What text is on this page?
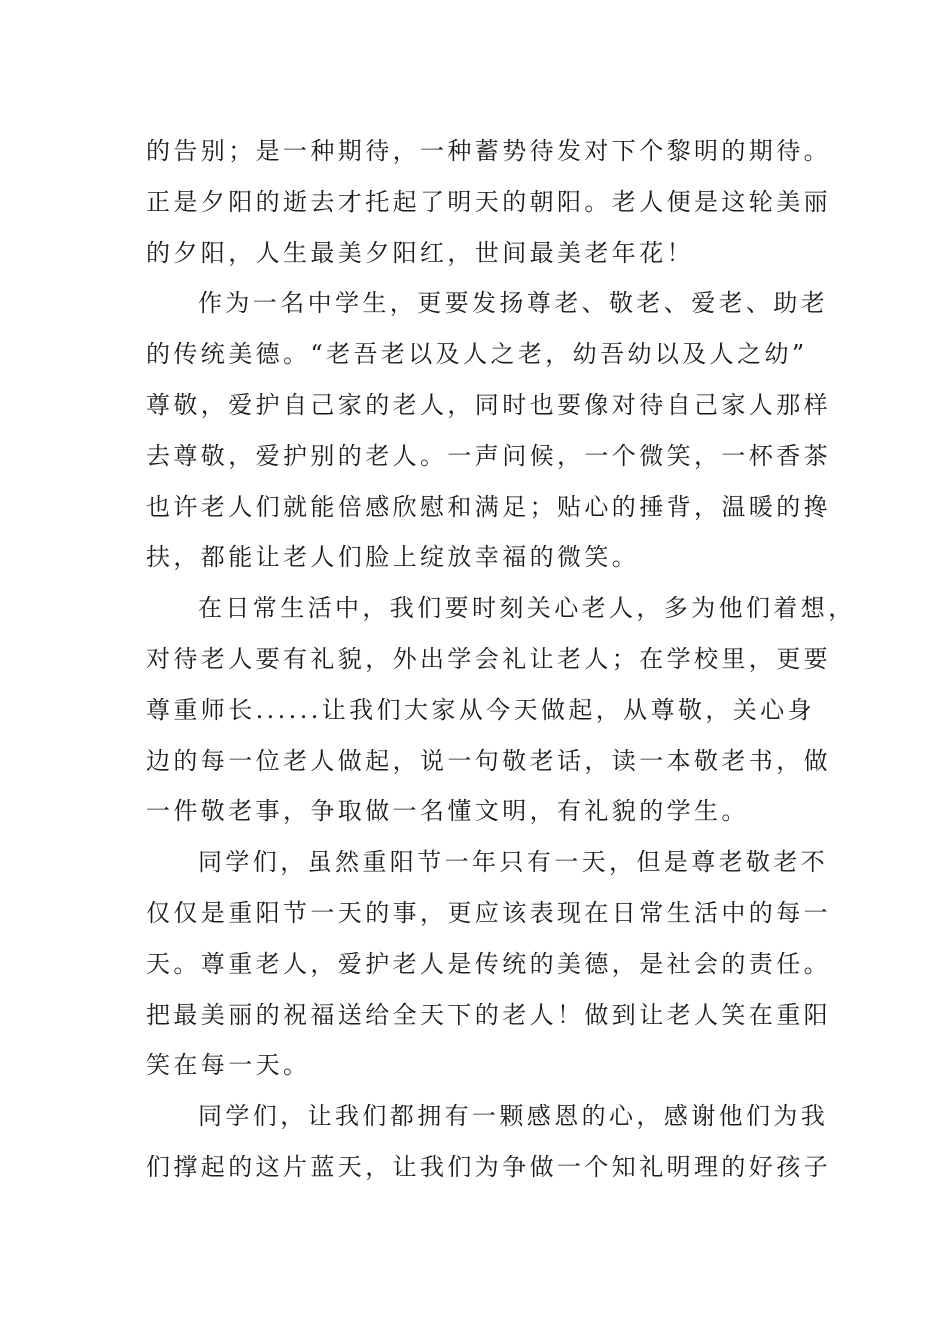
的告别；是一种期待，一种蓄势待发对下个黎明的期待。
正是夕阳的逝去才托起了明天的朝阳。老人便是这轮美丽
的夕阳，人生最美夕阳红，世间最美老年花！
作为一名中学生，更要发扬尊老、敬老、爱老、助老
的传统美德。“老吾老以及人之老，幼吾幼以及人之幼”
尊敬，爱护自己家的老人，同时也要像对待自己家人那样
去尊敬，爱护别的老人。一声问候，一个微笑，一杯香茶
也许老人们就能倍感欣慰和满足；贴心的捶背，温暖的搀
扶，都能让老人们脸上绽放幸福的微笑。
在日常生活中，我们要时刻关心老人，多为他们着想，
对待老人要有礼貌，外出学会礼让老人；在学校里，更要
尊重师长......让我们大家从今天做起，从尊敬，关心身
边的每一位老人做起，说一句敬老话，读一本敬老书，做
一件敬老事，争取做一名懂文明，有礼貌的学生。
同学们，虽然重阳节一年只有一天，但是尊老敬老不
仅仅是重阳节一天的事，更应该表现在日常生活中的每一
天。尊重老人，爱护老人是传统的美德，是社会的责任。
把最美丽的祝福送给全天下的老人！做到让老人笑在重阳
笑在每一天。
同学们，让我们都拥有一颗感恩的心，感谢他们为我
们撑起的这片蓝天，让我们为争做一个知礼明理的好孩子
